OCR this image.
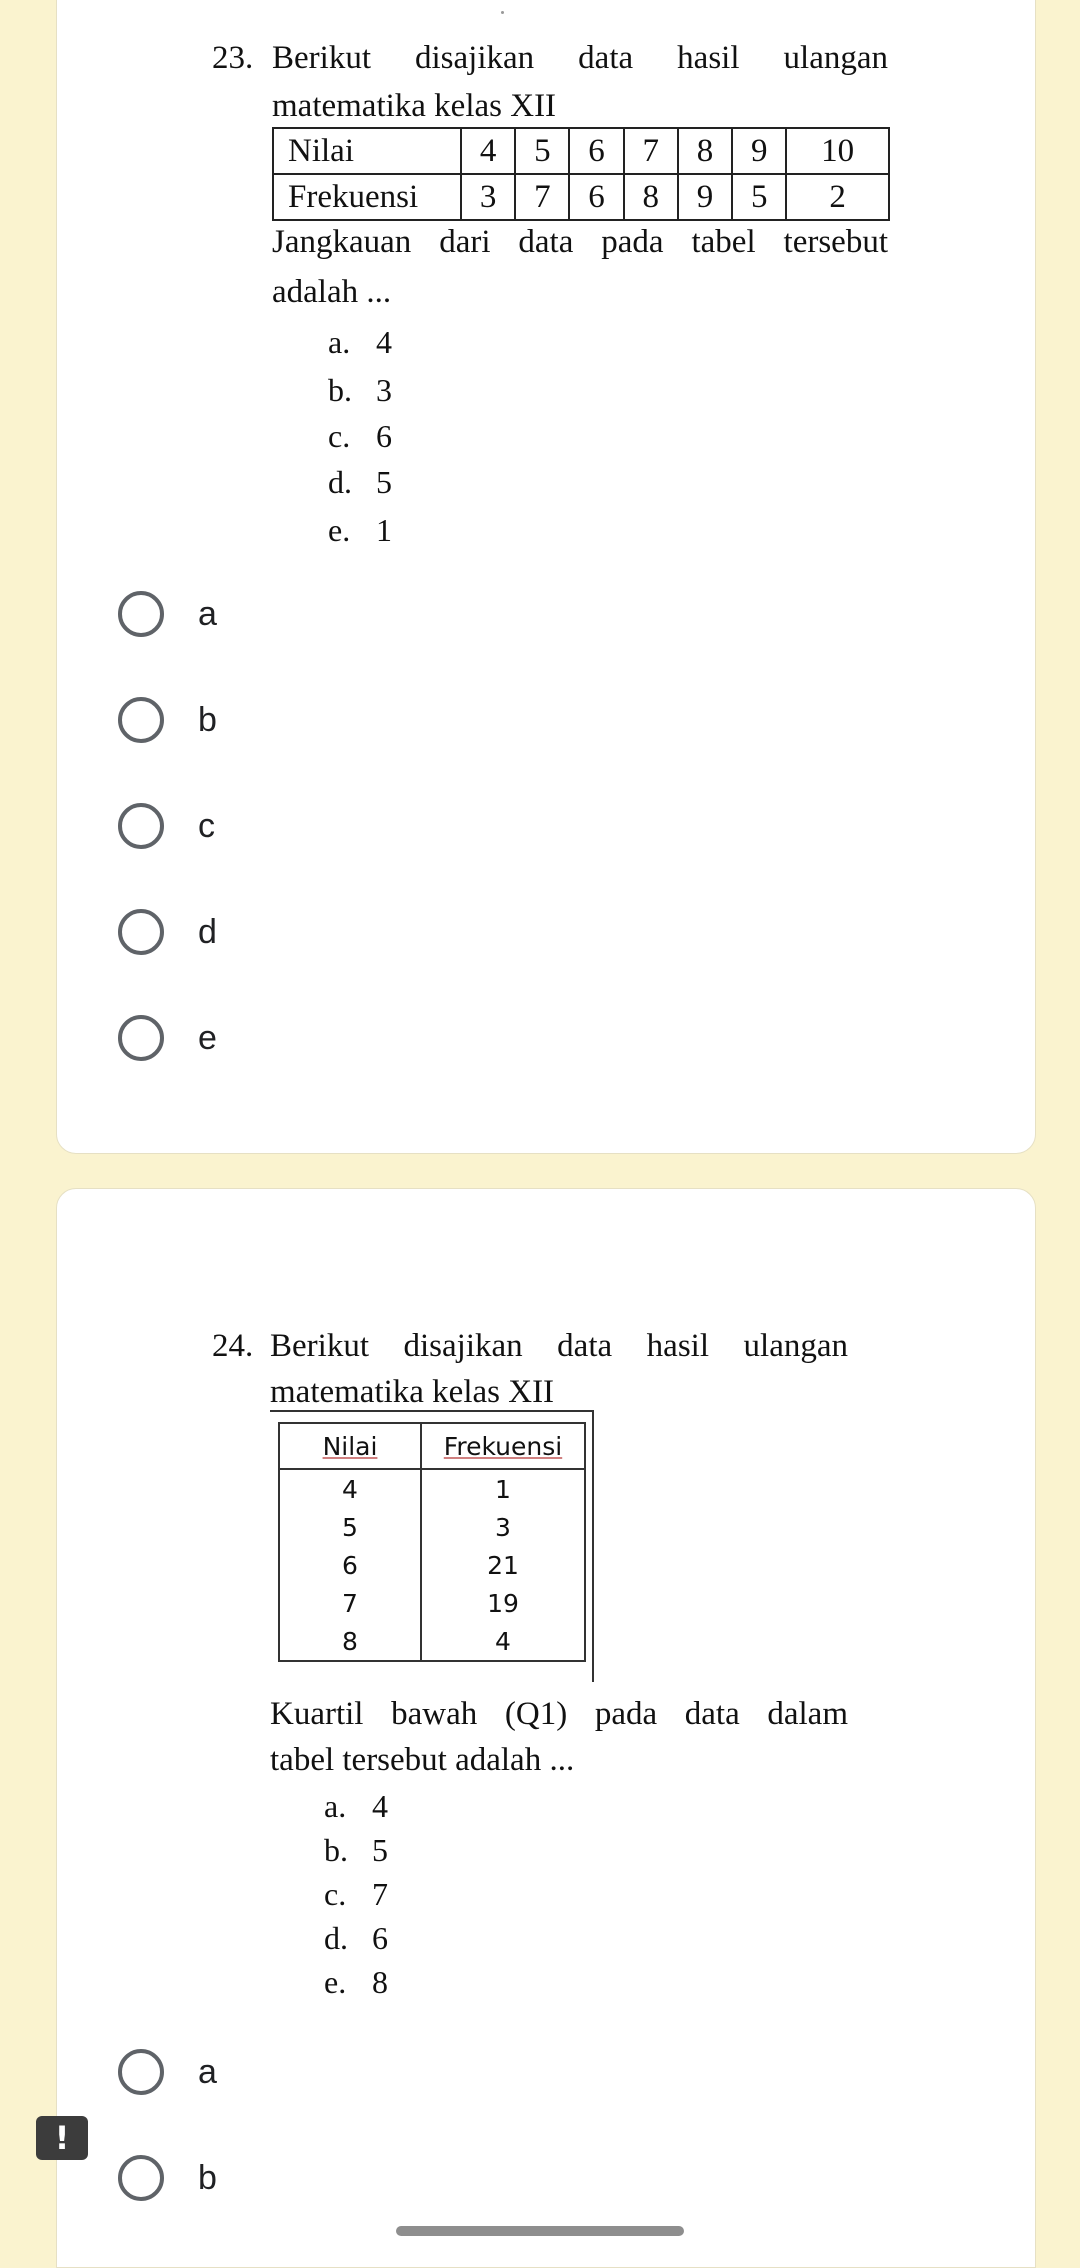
23. Berikut disajikan data hasil ulangan
matematika kelas XII
Nilai	4	5	6	7	8	9	10
Frekuensi	3	7	6	8	9	5	2
Jangkauan dari data pada tabel tersebut
adalah ...
a. 4
b. 3
c. 6
d. 5
e. 1
a
b
c
d
e
24. Berikut disajikan data hasil ulangan
matematika kelas XII
Nilai	Frekuensi
4	1
5	3
6	21
7	19
8	4
Kuartil bawah (Q1) pada data dalam
tabel tersebut adalah ...
a. 4
b. 5
c. 7
d. 6
e. 8
a
b
!
